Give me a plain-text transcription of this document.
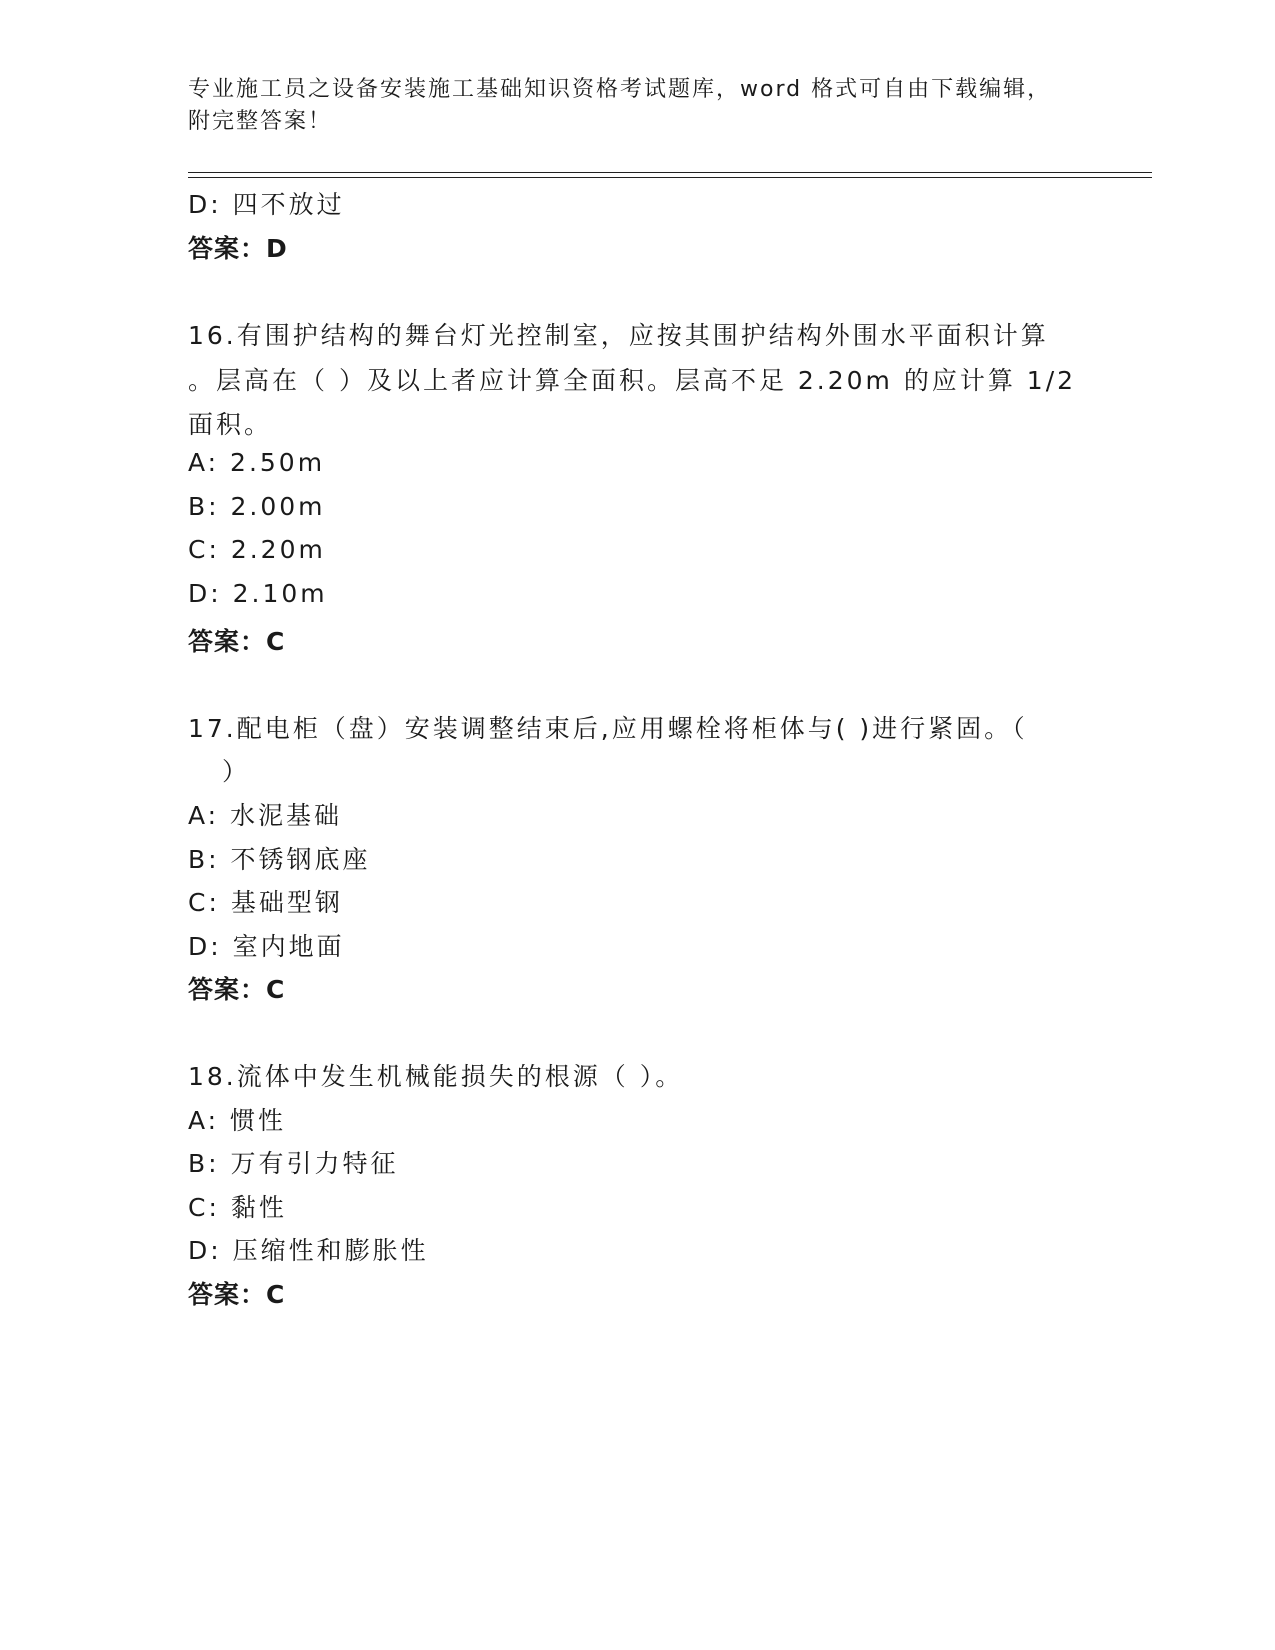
专业施工员之设备安装施工基础知识资格考试题库，word 格式可自由下载编辑，
附完整答案！
D: 四不放过
答案：D
16.有围护结构的舞台灯光控制室，应按其围护结构外围水平面积计算
。层高在（ ）及以上者应计算全面积。层高不足 2.20m 的应计算 1/2
面积。
A: 2.50m
B: 2.00m
C: 2.20m
D: 2.10m
答案：C
17.配电柜（盘）安装调整结束后,应用螺栓将柜体与( )进行紧固。（
）
A: 水泥基础
B: 不锈钢底座
C: 基础型钢
D: 室内地面
答案：C
18.流体中发生机械能损失的根源（ ）。
A: 惯性
B: 万有引力特征
C: 黏性
D: 压缩性和膨胀性
答案：C
